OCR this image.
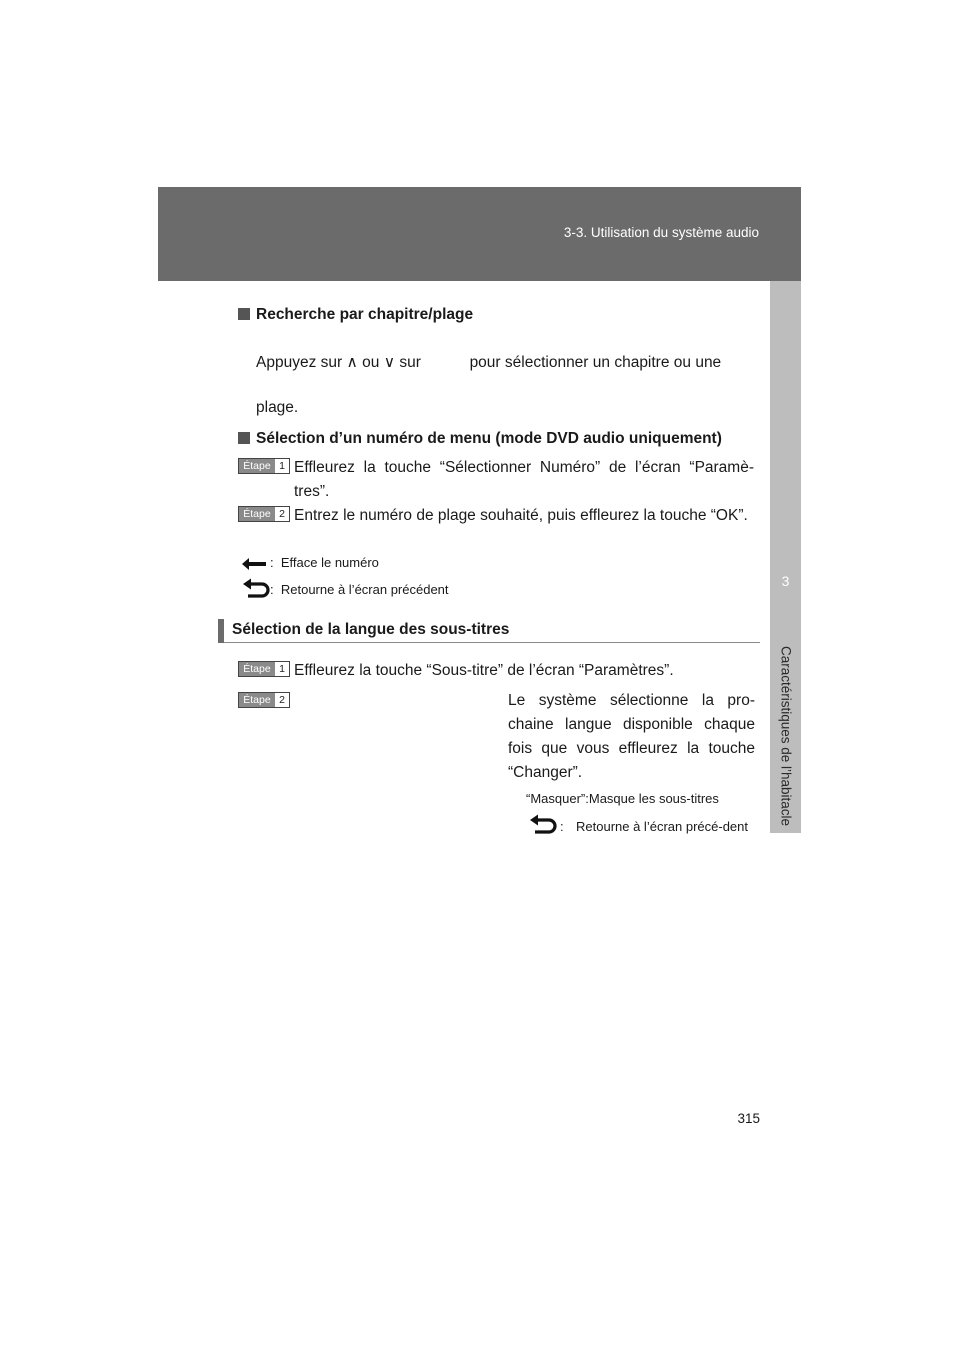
3-3. Utilisation du système audio
3
Caractéristiques de l’habitacle
Recherche par chapitre/plage
Appuyez sur ∧ ou ∨ sur	pour sélectionner un chapitre ou une
plage.
Sélection d’un numéro de menu (mode DVD audio uniquement)
Étape 1 Effleurez la touche “Sélectionner Numéro” de l’écran “Paramè-tres”.
Étape 2 Entrez le numéro de plage souhaité, puis effleurez la touche “OK”.
: Efface le numéro
: Retourne à l’écran précédent
Sélection de la langue des sous-titres
Étape 1 Effleurez la touche “Sous-titre” de l’écran “Paramètres”.
Étape 2	Le système sélectionne la pro-chaine langue disponible chaque fois que vous effleurez la touche “Changer”.
“Masquer”:Masque les sous-titres
: Retourne à l’écran précé-dent
315
